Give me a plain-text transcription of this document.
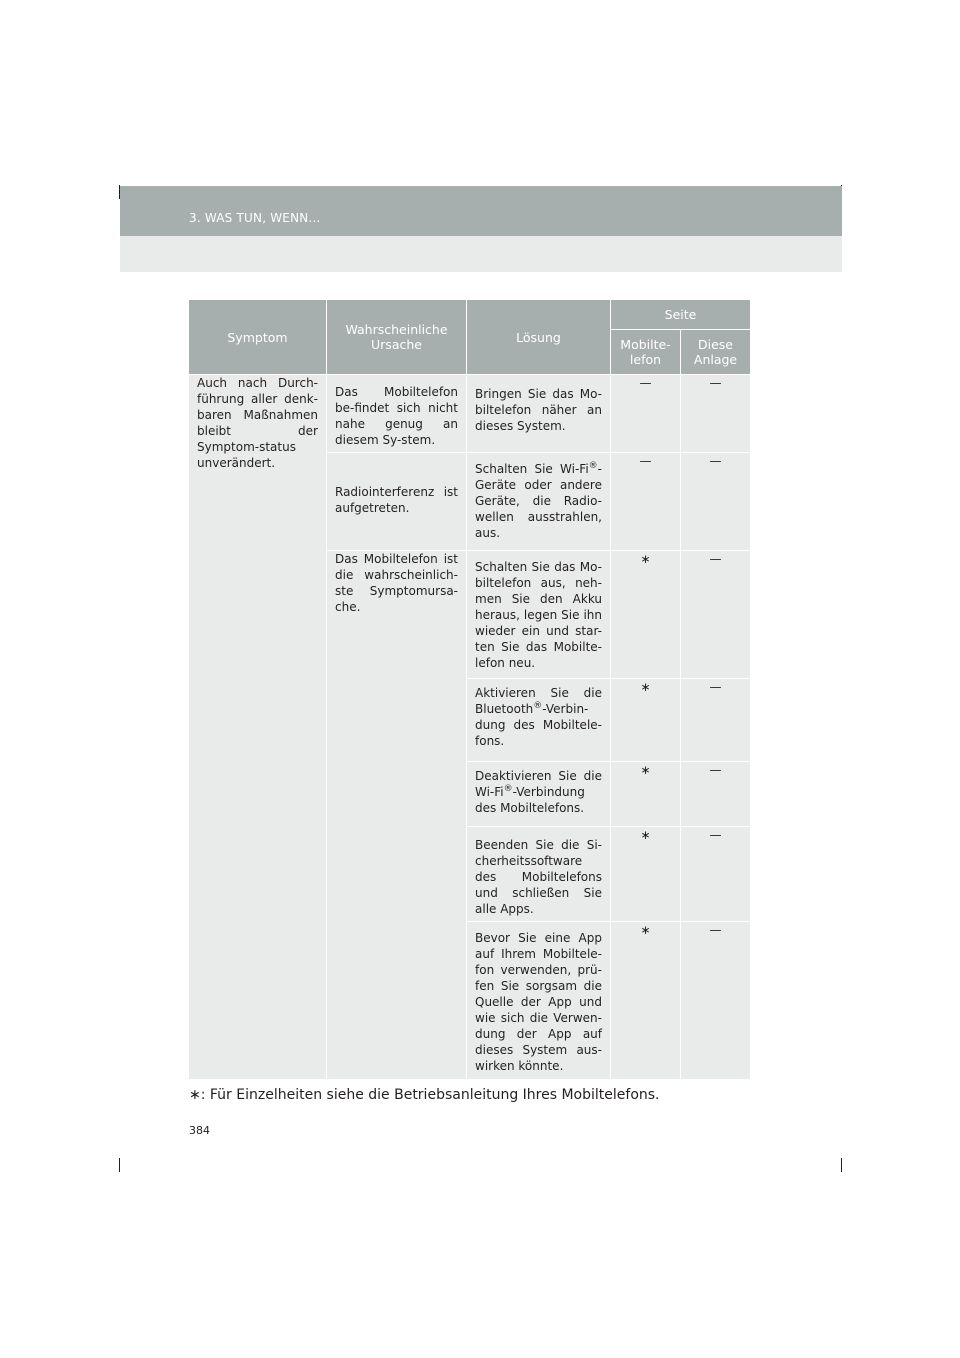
3. WAS TUN, WENN...
Symptom	Wahrscheinliche Ursache	Lösung	Seite	
			Mobilte-lefon	Diese Anlage

Auch nach Durch-führung aller denk-baren Maßnahmen bleibt der Symptom-status unverändert.	Das Mobiltelefon be-findet sich nicht nahe genug an diesem Sy-stem.	Bringen Sie das Mo-biltelefon näher an dieses System.	—	—

	Radiointerferenz ist aufgetreten.	Schalten Sie Wi-Fi®-Geräte oder andere Geräte, die Radio-wellen ausstrahlen, aus.	—	—

	Das Mobiltelefon ist die wahrscheinlich-ste Symptomursa-che.	Schalten Sie das Mo-biltelefon aus, neh-men Sie den Akku heraus, legen Sie ihn wieder ein und star-ten Sie das Mobilte-lefon neu.	∗	—

		Aktivieren Sie die Bluetooth®-Verbin-dung des Mobiltele-fons.	∗	—

		Deaktivieren Sie die Wi-Fi®-Verbindung des Mobiltelefons.	∗	—

		Beenden Sie die Si-cherheitssoftware des Mobiltelefons und schließen Sie alle Apps.	∗	—

		Bevor Sie eine App auf Ihrem Mobiltele-fon verwenden, prü-fen Sie sorgsam die Quelle der App und wie sich die Verwen-dung der App auf dieses System aus-wirken könnte.	∗	—
∗: Für Einzelheiten siehe die Betriebsanleitung Ihres Mobiltelefons.
384
